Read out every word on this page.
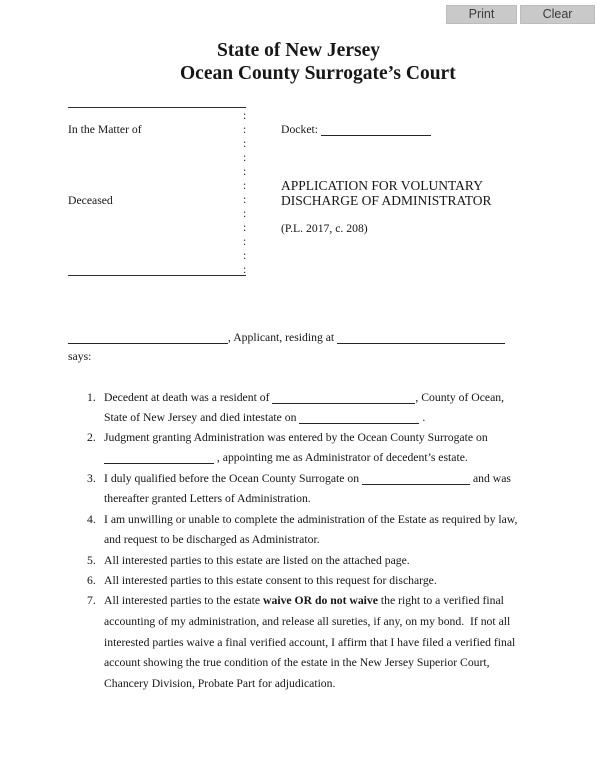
Print	Clear
State of New Jersey
Ocean County Surrogate’s Court
In the Matter of
Deceased
:
:
:
:
:
:
:
:
:
:
:
:
Docket:
APPLICATION FOR VOLUNTARY
DISCHARGE OF ADMINISTRATOR
(P.L. 2017, c. 208)
, Applicant, residing at
says:
1. Decedent at death was a resident of	, County of Ocean,
State of New Jersey and died intestate on	.
2. Judgment granting Administration was entered by the Ocean County Surrogate on
, appointing me as Administrator of decedent’s estate.
3. I duly qualified before the Ocean County Surrogate on	and was
thereafter granted Letters of Administration.
4. I am unwilling or unable to complete the administration of the Estate as required by law,
and request to be discharged as Administrator.
5. All interested parties to this estate are listed on the attached page.
6. All interested parties to this estate consent to this request for discharge.
7. All interested parties to the estate waive OR do not waive the right to a verified final
accounting of my administration, and release all sureties, if any, on my bond.  If not all
interested parties waive a final verified account, I affirm that I have filed a verified final
account showing the true condition of the estate in the New Jersey Superior Court,
Chancery Division, Probate Part for adjudication.
